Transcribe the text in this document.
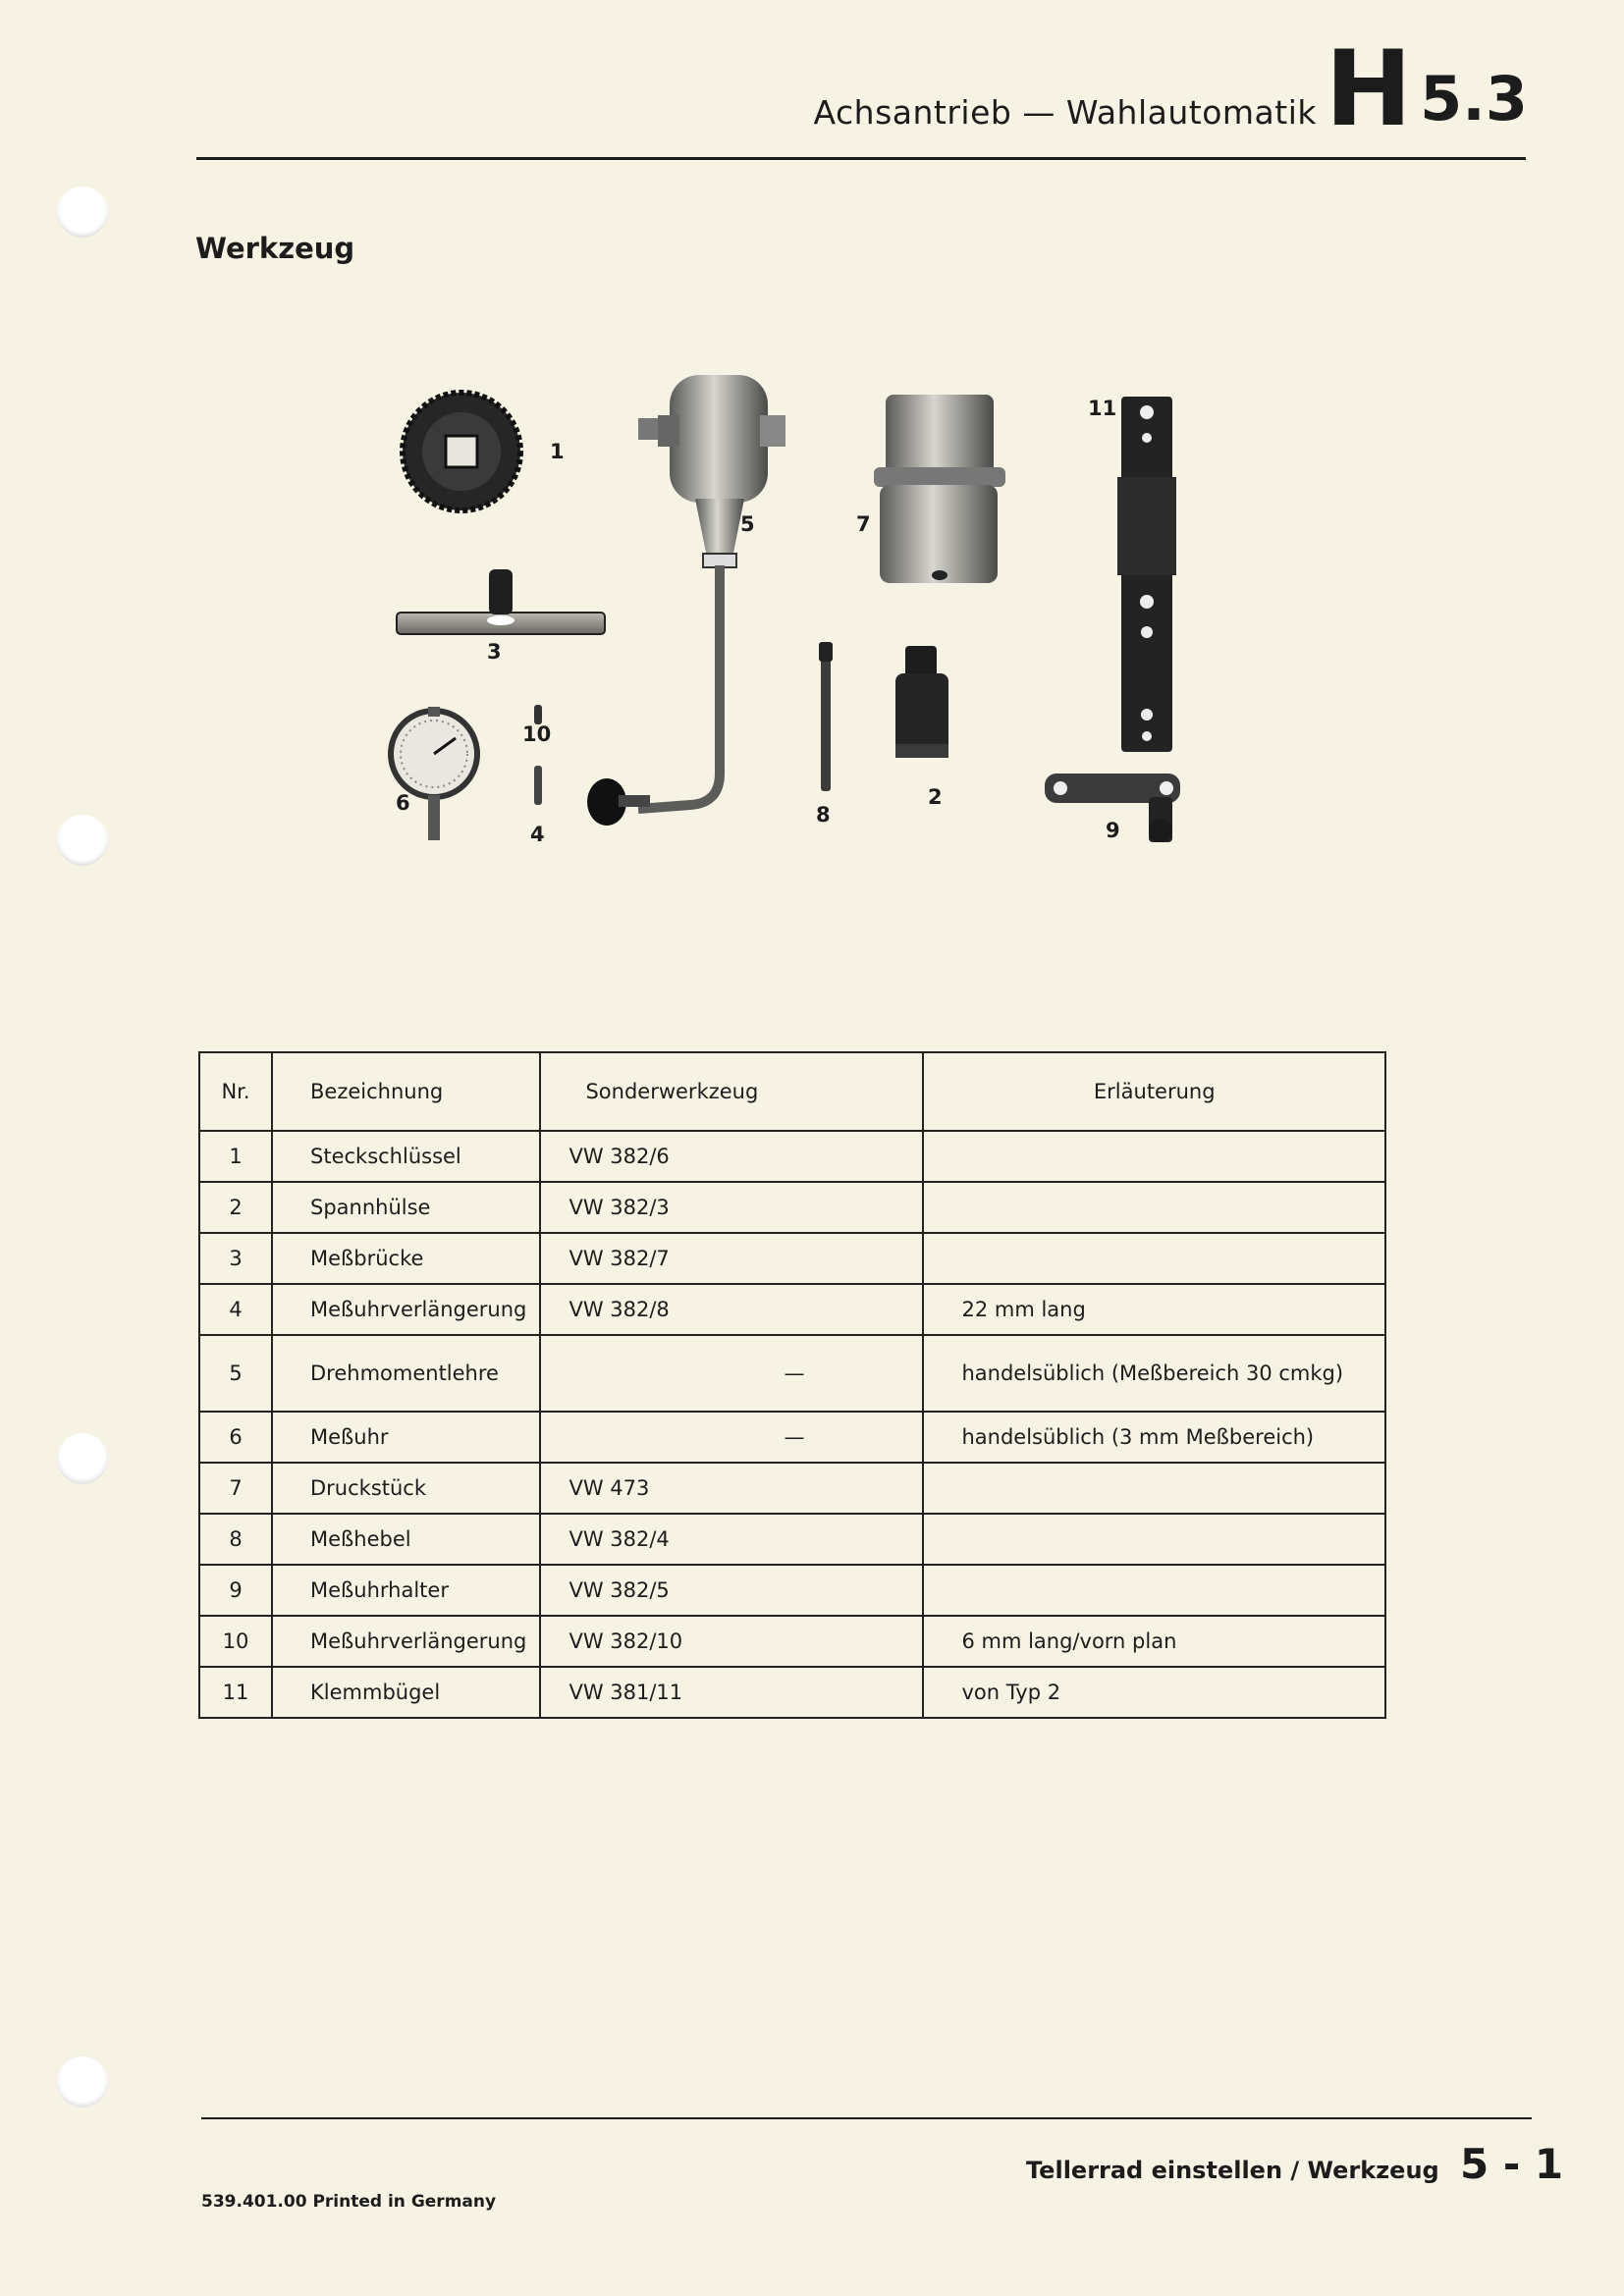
Achsantrieb — Wahlautomatik H 5.3
Werkzeug
1
5	7
11
3
10
6
4
8
2
9
Nr.	Bezeichnung	Sonderwerkzeug	Erläuterung
1	Steckschlüssel	VW 382/6	
2	Spannhülse	VW 382/3	
3	Meßbrücke	VW 382/7	
4	Meßuhrverlängerung	VW 382/8	22 mm lang
5	Drehmomentlehre	—	handelsüblich (Meßbereich 30 cmkg)
6	Meßuhr	—	handelsüblich (3 mm Meßbereich)
7	Druckstück	VW 473	
8	Meßhebel	VW 382/4	
9	Meßuhrhalter	VW 382/5	
10	Meßuhrverlängerung	VW 382/10	6 mm lang/vorn plan
11	Klemmbügel	VW 381/11	von Typ 2
539.401.00 Printed in Germany
Tellerrad einstellen / Werkzeug 5 - 1
